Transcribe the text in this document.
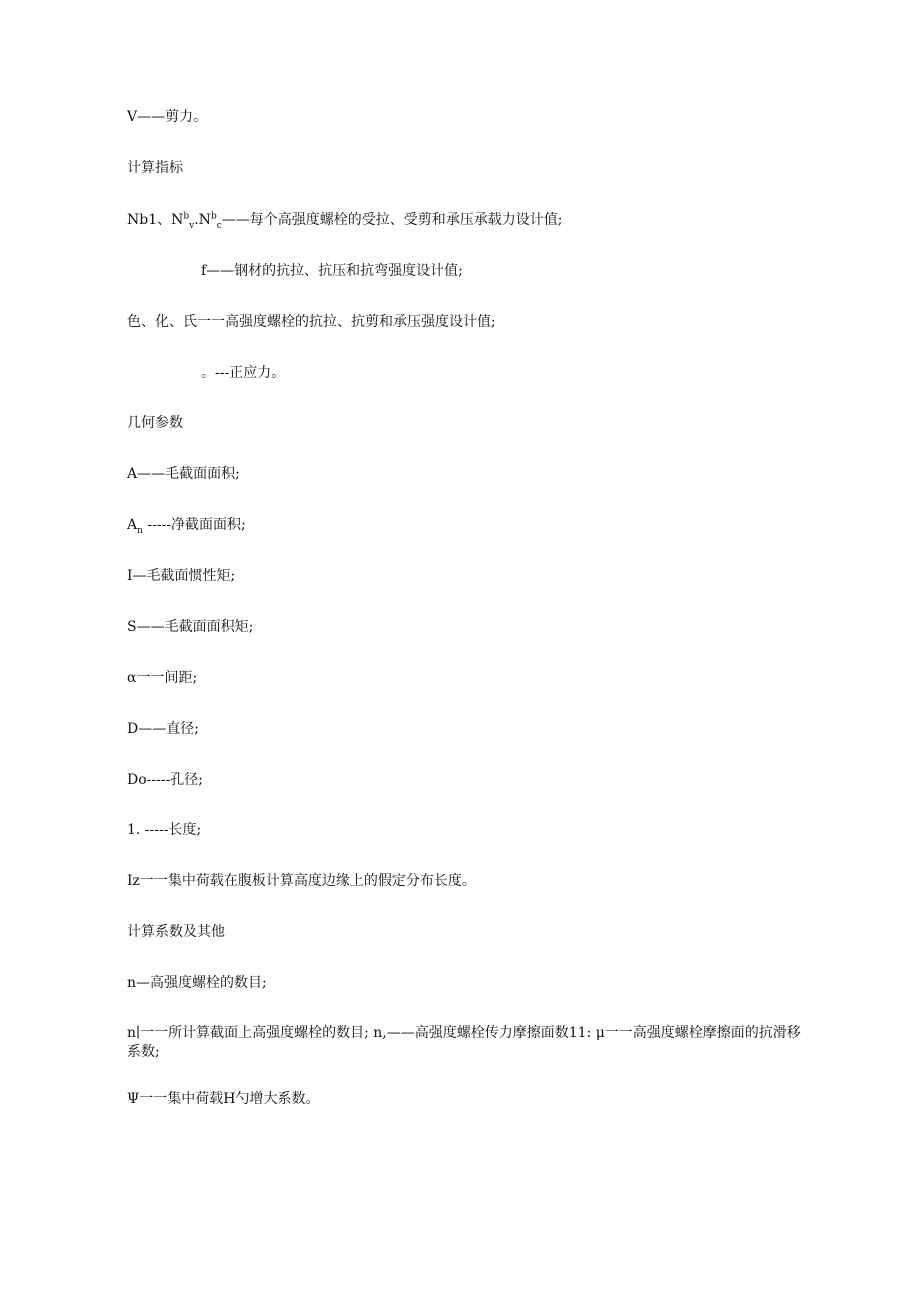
V——剪力。
计算指标
Nb1、$N^b_v.N^b_c——$每个高强度螺栓的受拉、受剪和承压承载力设计值;
f——钢材的抗拉、抗压和抗弯强度设计值;
色、化、氏一一高强度螺栓的抗拉、抗剪和承压强度设计值;
。---正应力。
几何参数
A——毛截面面积;
$A_n$ -----净截面面积;
I—毛截面惯性矩;
S——毛截面面积矩;
α一一间距;
D——直径;
Do-----孔径;
1. -----长度;
Iz一一集中荷载在腹板计算高度边缘上的假定分布长度。
计算系数及其他
n—高强度螺栓的数目;
n∣一一所计算截面上高强度螺栓的数目; n,——高强度螺栓传力摩擦面数11: μ一一高强度螺栓摩擦面的抗滑移系数;
Ψ一一集中荷载H勺增大系数。
